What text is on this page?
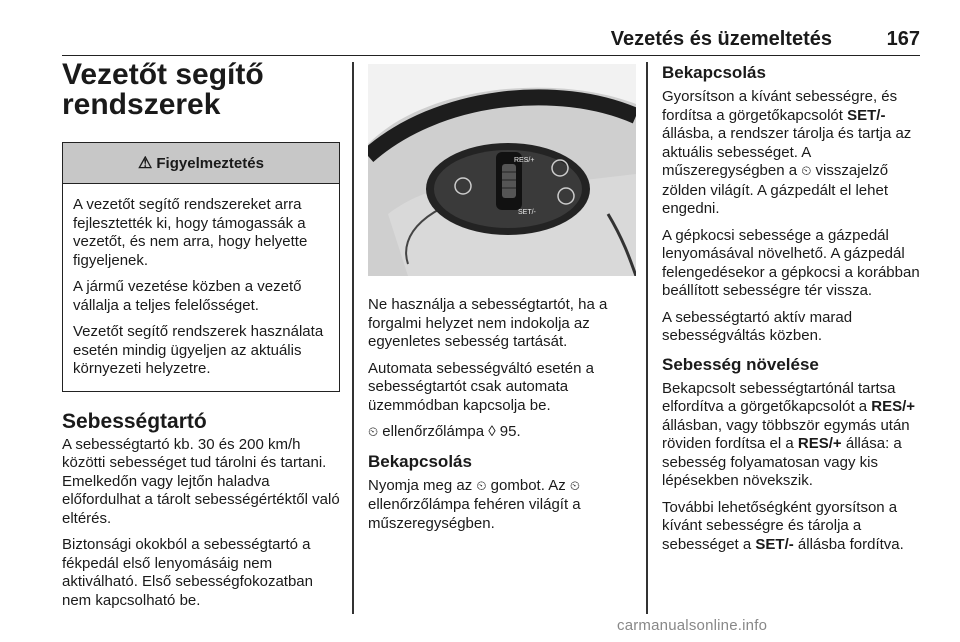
Vezetés és üzemeltetés	167
Vezetőt segítő rendszerek
⚠ Figyelmeztetés

A vezetőt segítő rendszereket arra fejlesztették ki, hogy támogassák a vezetőt, és nem arra, hogy helyette figyeljenek.

A jármű vezetése közben a vezető vállalja a teljes felelősséget.

Vezetőt segítő rendszerek használata esetén mindig ügyeljen az aktuális környezeti helyzetre.

Sebességtartó

A sebességtartó kb. 30 és 200 km/h közötti sebességet tud tárolni és tartani. Emelkedőn vagy lejtőn haladva előfordulhat a tárolt sebességértéktől való eltérés.

Biztonsági okokból a sebességtartó a fékpedál első lenyomásáig nem aktiválható. Első sebességfokozatban nem kapcsolható be.

RES/+
SET/-

Ne használja a sebességtartót, ha a forgalmi helyzet nem indokolja az egyenletes sebesség tartását.

Automata sebességváltó esetén a sebességtartót csak automata üzemmódban kapcsolja be.

⏲ ellenőrzőlámpa ◊ 95.

Bekapcsolás

Nyomja meg az ⏲ gombot. Az ⏲ ellenőrzőlámpa fehéren világít a műszeregységben.

Bekapcsolás

Gyorsítson a kívánt sebességre, és fordítsa a görgetőkapcsolót SET/- állásba, a rendszer tárolja és tartja az aktuális sebességet. A műszeregységben a ⏲ visszajelző zölden világít. A gázpedált el lehet engedni.

A gépkocsi sebessége a gázpedál lenyomásával növelhető. A gázpedál felengedésekor a gépkocsi a korábban beállított sebességre tér vissza.

A sebességtartó aktív marad sebességváltás közben.

Sebesség növelése

Bekapcsolt sebességtartónál tartsa elfordítva a görgetőkapcsolót a RES/+ állásban, vagy többször egymás után röviden fordítsa el a RES/+ állása: a sebesség folyamatosan vagy kis lépésekben növekszik.

További lehetőségként gyorsítson a kívánt sebességre és tárolja a sebességet a SET/- állásba fordítva.

carmanualsonline.info
